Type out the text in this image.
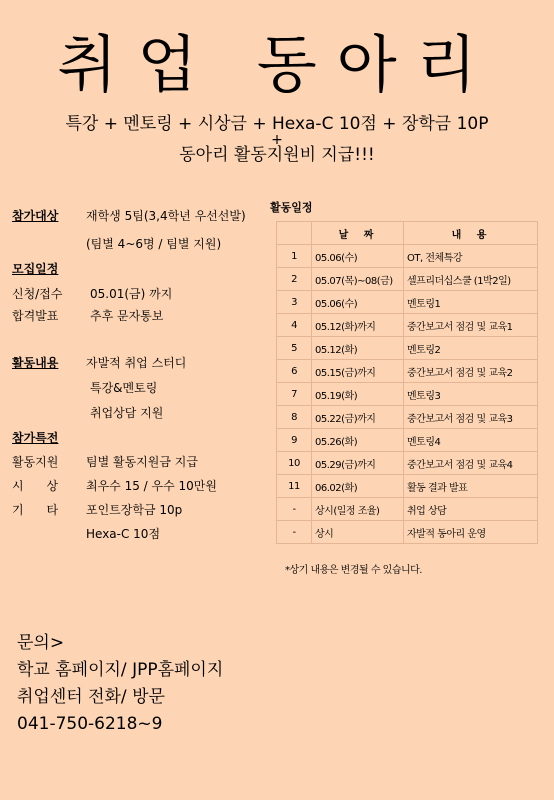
취업 동아리
특강 + 멘토링 + 시상금 + Hexa-C 10점 + 장학금 10P
+
동아리 활동지원비 지급!!!
참가대상 재학생 5팀(3,4학년 우선선발)
(팀별 4~6명 / 팀별 지원)
모집일정
신청/접수 05.01(금) 까지
합격발표	추후 문자통보
활동내용 자발적 취업 스터디
특강&멘토링
취업상담 지원
참가특전
활동지원 팀별 활동지원금 지급
시      상 최우수 15 / 우수 10만원
기      타 포인트장학금 10p
Hexa-C 10점
활동일정
	날 짜	내 용
1	05.06(수)	OT, 전체특강
2	05.07(목)~08(금)	셀프리더십스쿨 (1박2일)
3	05.06(수)	멘토링1
4	05.12(화)까지	중간보고서 점검 및 교육1
5	05.12(화)	멘토링2
6	05.15(금)까지	중간보고서 점검 및 교육2
7	05.19(화)	멘토링3
8	05.22(금)까지	중간보고서 점검 및 교육3
9	05.26(화)	멘토링4
10	05.29(금)까지	중간보고서 점검 및 교육4
11	06.02(화)	활동 결과 발표
-	상시(일정 조율)	취업 상담
-	상시	자발적 동아리 운영
*상기 내용은 변경될 수 있습니다.
문의>
학교 홈페이지/ JPP홈페이지
취업센터 전화/ 방문
041-750-6218~9
